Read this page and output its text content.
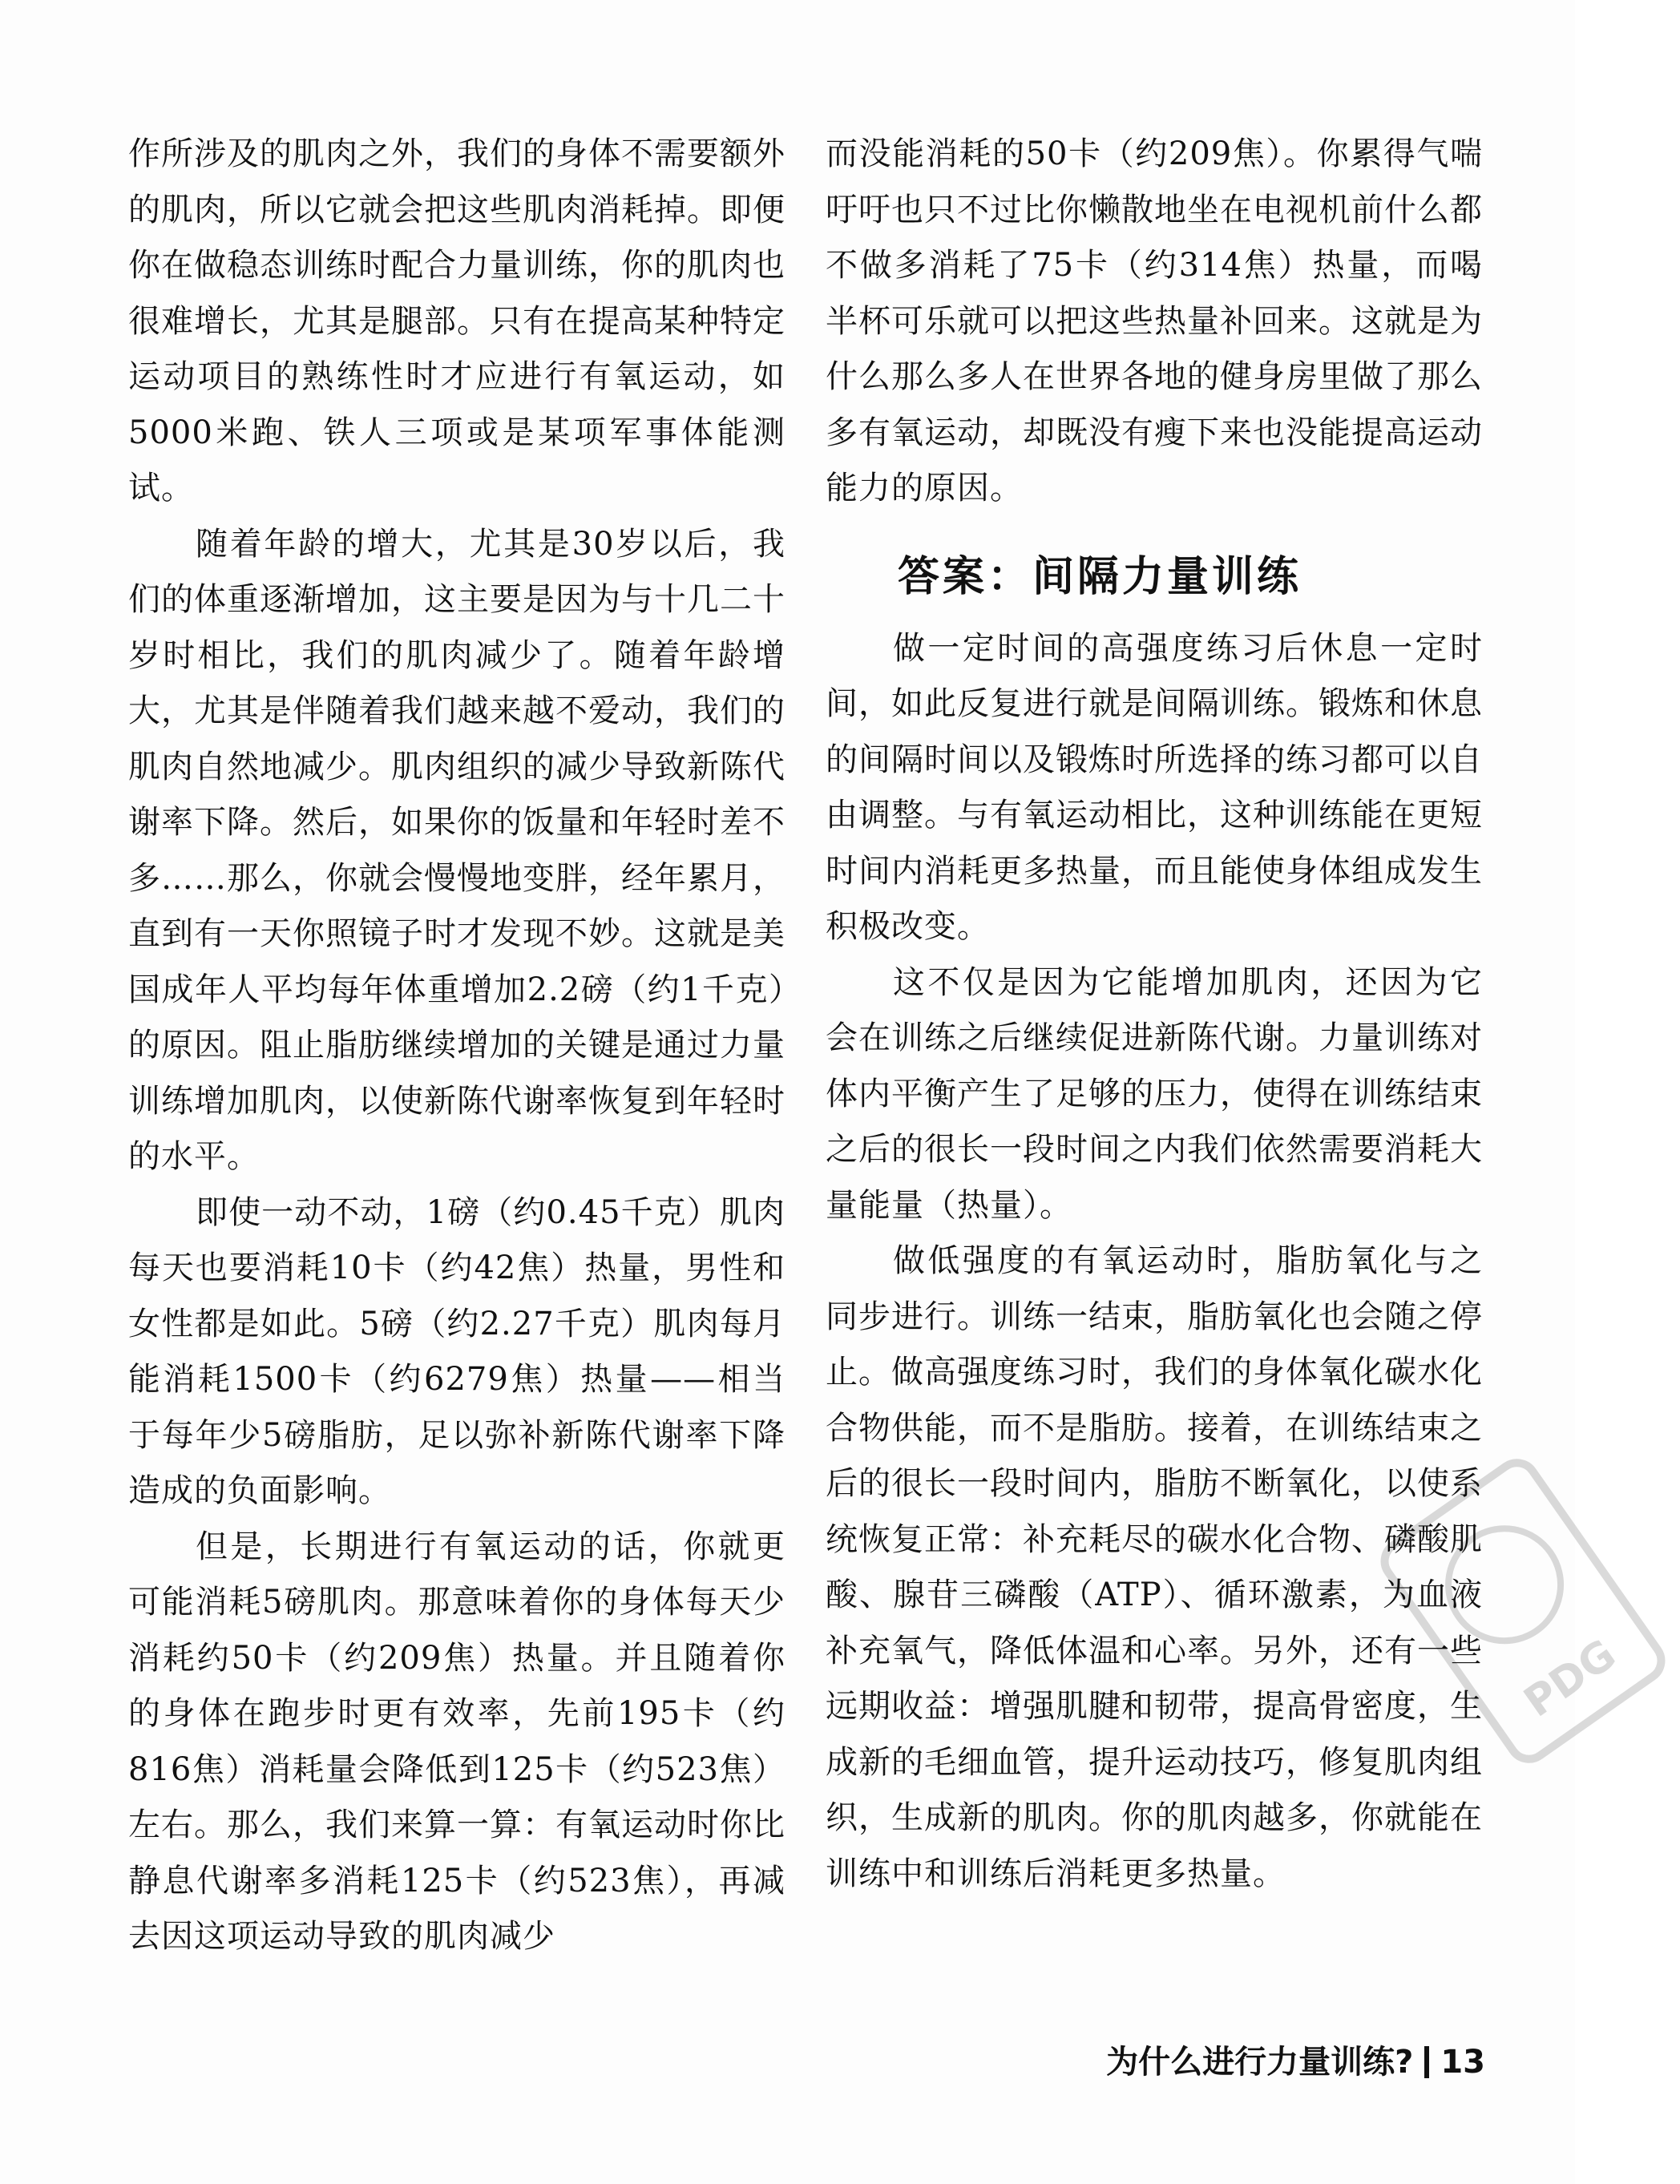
作所涉及的肌肉之外，我们的身体不需要额外的肌肉，所以它就会把这些肌肉消耗掉。即便你在做稳态训练时配合力量训练，你的肌肉也很难增长，尤其是腿部。只有在提高某种特定运动项目的熟练性时才应进行有氧运动，如5000米跑、铁人三项或是某项军事体能测试。

随着年龄的增大，尤其是30岁以后，我们的体重逐渐增加，这主要是因为与十几二十岁时相比，我们的肌肉减少了。随着年龄增大，尤其是伴随着我们越来越不爱动，我们的肌肉自然地减少。肌肉组织的减少导致新陈代谢率下降。然后，如果你的饭量和年轻时差不多……那么，你就会慢慢地变胖，经年累月，直到有一天你照镜子时才发现不妙。这就是美国成年人平均每年体重增加2.2磅（约1千克）的原因。阻止脂肪继续增加的关键是通过力量训练增加肌肉，以使新陈代谢率恢复到年轻时的水平。

即使一动不动，1磅（约0.45千克）肌肉每天也要消耗10卡（约42焦）热量，男性和女性都是如此。5磅（约2.27千克）肌肉每月能消耗1500卡（约6279焦）热量——相当于每年少5磅脂肪，足以弥补新陈代谢率下降造成的负面影响。

但是，长期进行有氧运动的话，你就更可能消耗5磅肌肉。那意味着你的身体每天少消耗约50卡（约209焦）热量。并且随着你的身体在跑步时更有效率，先前195卡（约816焦）消耗量会降低到125卡（约523焦）左右。那么，我们来算一算：有氧运动时你比静息代谢率多消耗125卡（约523焦），再减去因这项运动导致的肌肉减少

而没能消耗的50卡（约209焦）。你累得气喘吁吁也只不过比你懒散地坐在电视机前什么都不做多消耗了75卡（约314焦）热量，而喝半杯可乐就可以把这些热量补回来。这就是为什么那么多人在世界各地的健身房里做了那么多有氧运动，却既没有瘦下来也没能提高运动能力的原因。

答案：间隔力量训练

做一定时间的高强度练习后休息一定时间，如此反复进行就是间隔训练。锻炼和休息的间隔时间以及锻炼时所选择的练习都可以自由调整。与有氧运动相比，这种训练能在更短时间内消耗更多热量，而且能使身体组成发生积极改变。

这不仅是因为它能增加肌肉，还因为它会在训练之后继续促进新陈代谢。力量训练对体内平衡产生了足够的压力，使得在训练结束之后的很长一段时间之内我们依然需要消耗大量能量（热量）。

做低强度的有氧运动时，脂肪氧化与之同步进行。训练一结束，脂肪氧化也会随之停止。做高强度练习时，我们的身体氧化碳水化合物供能，而不是脂肪。接着，在训练结束之后的很长一段时间内，脂肪不断氧化，以使系统恢复正常：补充耗尽的碳水化合物、磷酸肌酸、腺苷三磷酸（ATP）、循环激素，为血液补充氧气，降低体温和心率。另外，还有一些远期收益：增强肌腱和韧带，提高骨密度，生成新的毛细血管，提升运动技巧，修复肌肉组织，生成新的肌肉。你的肌肉越多，你就能在训练中和训练后消耗更多热量。

为什么进行力量训练? 13
PDG
